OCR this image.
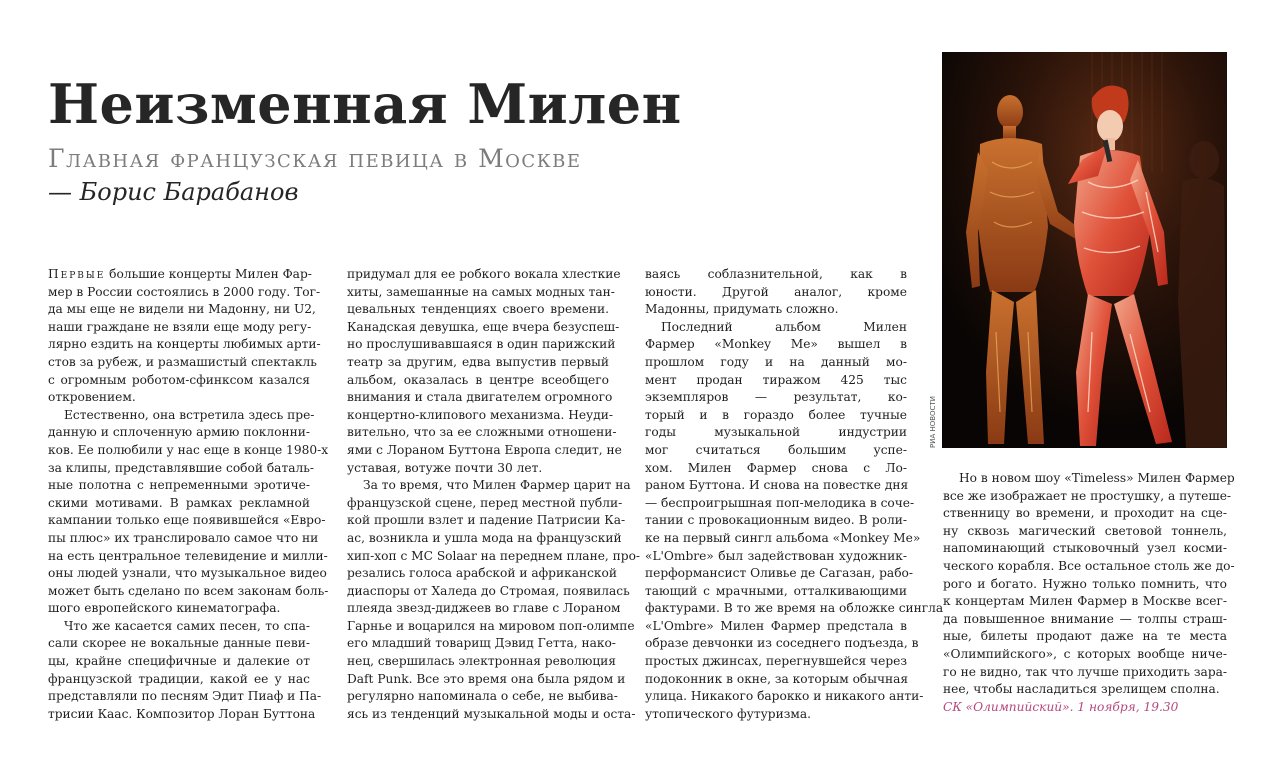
Неизменная Милен
Главная французская певица в Москве
— Борис Барабанов
Первые большие концерты Милен Фар-
мер в России состоялись в 2000 году. Тог-
да мы еще не видели ни Мадонну, ни U2,
наши граждане не взяли еще моду регу-
лярно ездить на концерты любимых арти-
стов за рубеж, и размашистый спектакль
с огромным роботом-сфинксом казался
откровением.
Естественно, она встретила здесь пре-
данную и сплоченную армию поклонни-
ков. Ее полюбили у нас еще в конце 1980-х
за клипы, представлявшие собой баталь-
ные полотна с непременными эротиче-
скими мотивами. В рамках рекламной
кампании только еще появившейся «Евро-
пы плюс» их транслировало самое что ни
на есть центральное телевидение и милли-
оны людей узнали, что музыкальное видео
может быть сделано по всем законам боль-
шого европейского кинематографа.
Что же касается самих песен, то спа-
сали скорее не вокальные данные певи-
цы, крайне специфичные и далекие от
французской традиции, какой ее у нас
представляли по песням Эдит Пиаф и Па-
трисии Каас. Композитор Лоран Буттона
придумал для ее робкого вокала хлесткие
хиты, замешанные на самых модных тан-
цевальных тенденциях своего времени.
Канадская девушка, еще вчера безуспеш-
но прослушивавшаяся в один парижский
театр за другим, едва выпустив первый
альбом, оказалась в центре всеобщего
внимания и стала двигателем огромного
концертно-клипового механизма. Неуди-
вительно, что за ее сложными отношени-
ями с Лораном Буттона Европа следит, не
уставая, вотуже почти 30 лет.
За то время, что Милен Фармер царит на
французской сцене, перед местной публи-
кой прошли взлет и падение Патрисии Ка-
ас, возникла и ушла мода на французский
хип-хоп с MC Solaar на переднем плане, про-
резались голоса арабской и африканской
диаспоры от Халеда до Стромая, появилась
плеяда звезд-диджеев во главе с Лораном
Гарнье и воцарился на мировом поп-олимпе
его младший товарищ Дэвид Гетта, нако-
нец, свершилась электронная революция
Daft Punk. Все это время она была рядом и
регулярно напоминала о себе, не выбива-
ясь из тенденций музыкальной моды и оста-
ваясь соблазнительной, как в
юности. Другой аналог, кроме
Мадонны, придумать сложно.
Последний альбом Милен
Фармер «Monkey Me» вышел в
прошлом году и на данный мо-
мент продан тиражом 425 тыс
экземпляров — результат, ко-
торый и в гораздо более тучные
годы музыкальной индустрии
мог считаться большим успе-
хом. Милен Фармер снова с Ло-
раном Буттона. И снова на повестке дня
— беспроигрышная поп-мелодика в соче-
тании с провокационным видео. В роли-
ке на первый сингл альбома «Monkey Me»
«L'Ombre» был задействован художник-
перформансист Оливье де Сагазан, рабо-
тающий с мрачными, отталкивающими
фактурами. В то же время на обложке сингла
«L'Ombre» Милен Фармер предстала в
образе девчонки из соседнего подъезда, в
простых джинсах, перегнувшейся через
подоконник в окне, за которым обычная
улица. Никакого барокко и никакого анти-
утопического футуризма.
Но в новом шоу «Timeless» Милен Фармер
все же изображает не простушку, а путеше-
ственницу во времени, и проходит на сце-
ну сквозь магический световой тоннель,
напоминающий стыковочный узел косми-
ческого корабля. Все остальное столь же до-
рого и богато. Нужно только помнить, что
к концертам Милен Фармер в Москве всег-
да повышенное внимание — толпы страш-
ные, билеты продают даже на те места
«Олимпийского», с которых вообще ниче-
го не видно, так что лучше приходить зара-
нее, чтобы насладиться зрелищем сполна.
СК «Олимпийский». 1 ноября, 19.30
РИА НОВОСТИ
